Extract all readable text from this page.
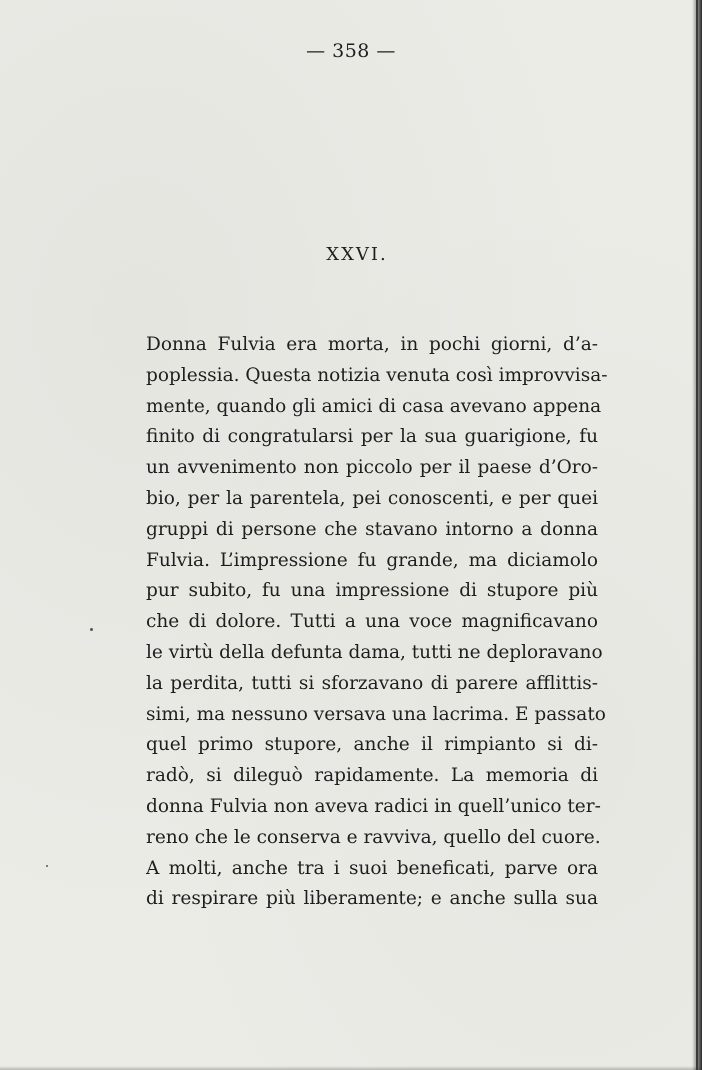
— 358 —
XXVI.
Donna Fulvia era morta, in pochi giorni, d’a-
poplessia. Questa notizia venuta così improvvisa-
mente, quando gli amici di casa avevano appena
finito di congratularsi per la sua guarigione, fu
un avvenimento non piccolo per il paese d’Oro-
bio, per la parentela, pei conoscenti, e per quei
gruppi di persone che stavano intorno a donna
Fulvia. L’impressione fu grande, ma diciamolo
pur subito, fu una impressione di stupore più
che di dolore. Tutti a una voce magnificavano
le virtù della defunta dama, tutti ne deploravano
la perdita, tutti si sforzavano di parere afflittis-
simi, ma nessuno versava una lacrima. E passato
quel primo stupore, anche il rimpianto si di-
radò, si dileguò rapidamente. La memoria di
donna Fulvia non aveva radici in quell’unico ter-
reno che le conserva e ravviva, quello del cuore.
A molti, anche tra i suoi beneficati, parve ora
di respirare più liberamente; e anche sulla sua
